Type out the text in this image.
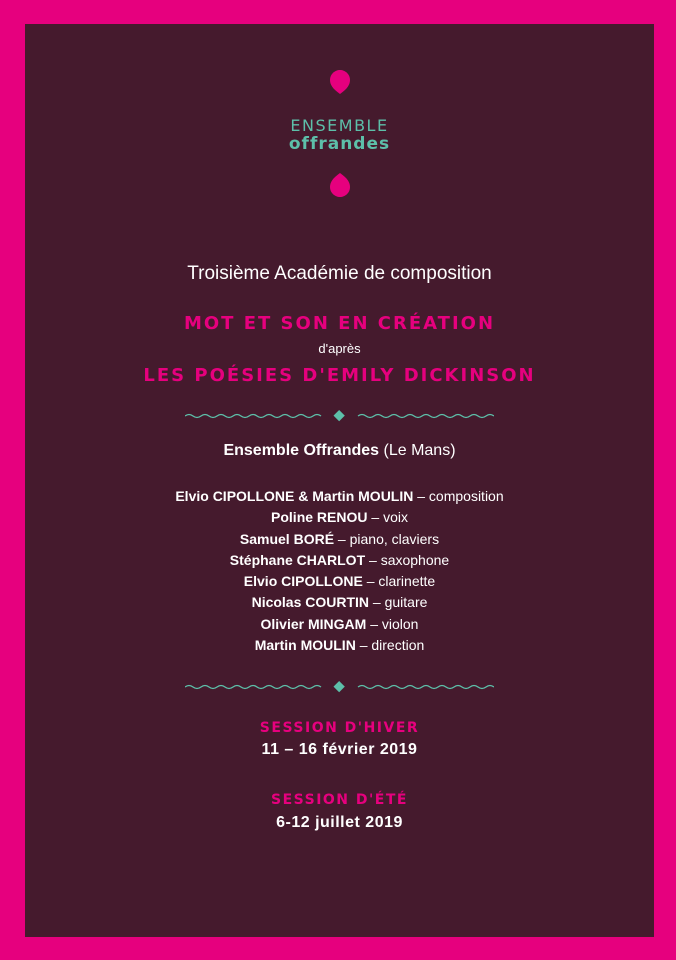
ENSEMBLE
offrandes
Troisième Académie de composition
MOT ET SON EN CRÉATION
d'après
LES POÉSIES D'EMILY DICKINSON
Ensemble Offrandes (Le Mans)
Elvio CIPOLLONE & Martin MOULIN – composition
Poline RENOU – voix
Samuel BORÉ – piano, claviers
Stéphane CHARLOT – saxophone
Elvio CIPOLLONE – clarinette
Nicolas COURTIN – guitare
Olivier MINGAM – violon
Martin MOULIN – direction
SESSION D'HIVER
11 – 16 février 2019
SESSION D'ÉTÉ
6-12 juillet 2019
